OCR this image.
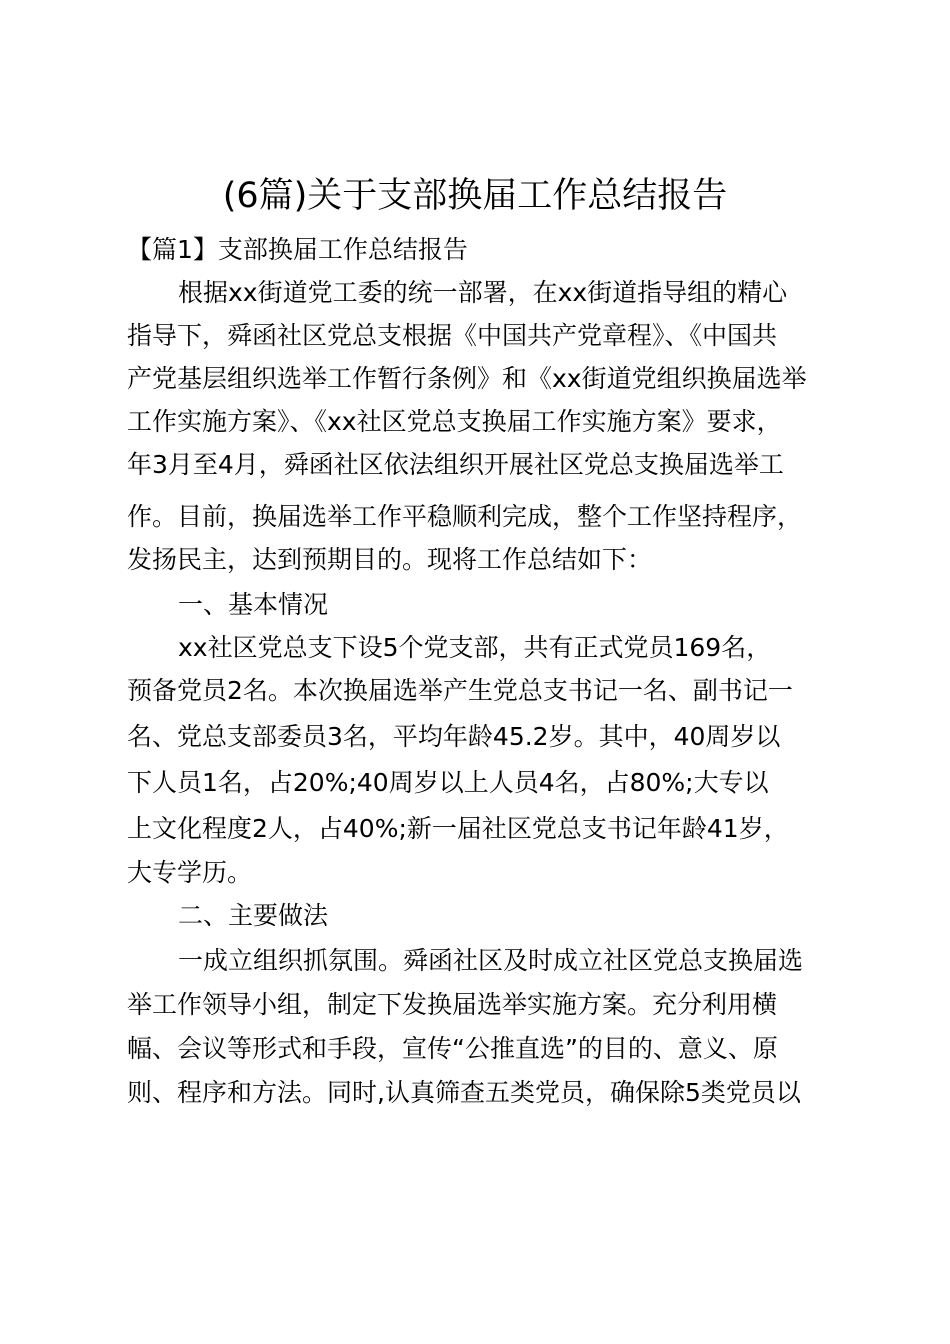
(6篇)关于支部换届工作总结报告

【篇1】支部换届工作总结报告

根据xx街道党工委的统一部署，在xx街道指导组的精心

指导下，舜函社区党总支根据《中国共产党章程》、《中国共

产党基层组织选举工作暂行条例》和《xx街道党组织换届选举

工作实施方案》、《xx社区党总支换届工作实施方案》要求，

年3月至4月，舜函社区依法组织开展社区党总支换届选举工

作。目前，换届选举工作平稳顺利完成，整个工作坚持程序，

发扬民主，达到预期目的。现将工作总结如下：

一、基本情况

xx社区党总支下设5个党支部，共有正式党员169名，

预备党员2名。本次换届选举产生党总支书记一名、副书记一

名、党总支部委员3名，平均年龄45.2岁。其中，40周岁以

下人员1名，占20%;40周岁以上人员4名，占80%;大专以

上文化程度2人，占40%;新一届社区党总支书记年龄41岁，

大专学历。

二、主要做法

一成立组织抓氛围。舜函社区及时成立社区党总支换届选

举工作领导小组，制定下发换届选举实施方案。充分利用横

幅、会议等形式和手段，宣传“公推直选”的目的、意义、原

则、程序和方法。同时,认真筛查五类党员，确保除5类党员以
